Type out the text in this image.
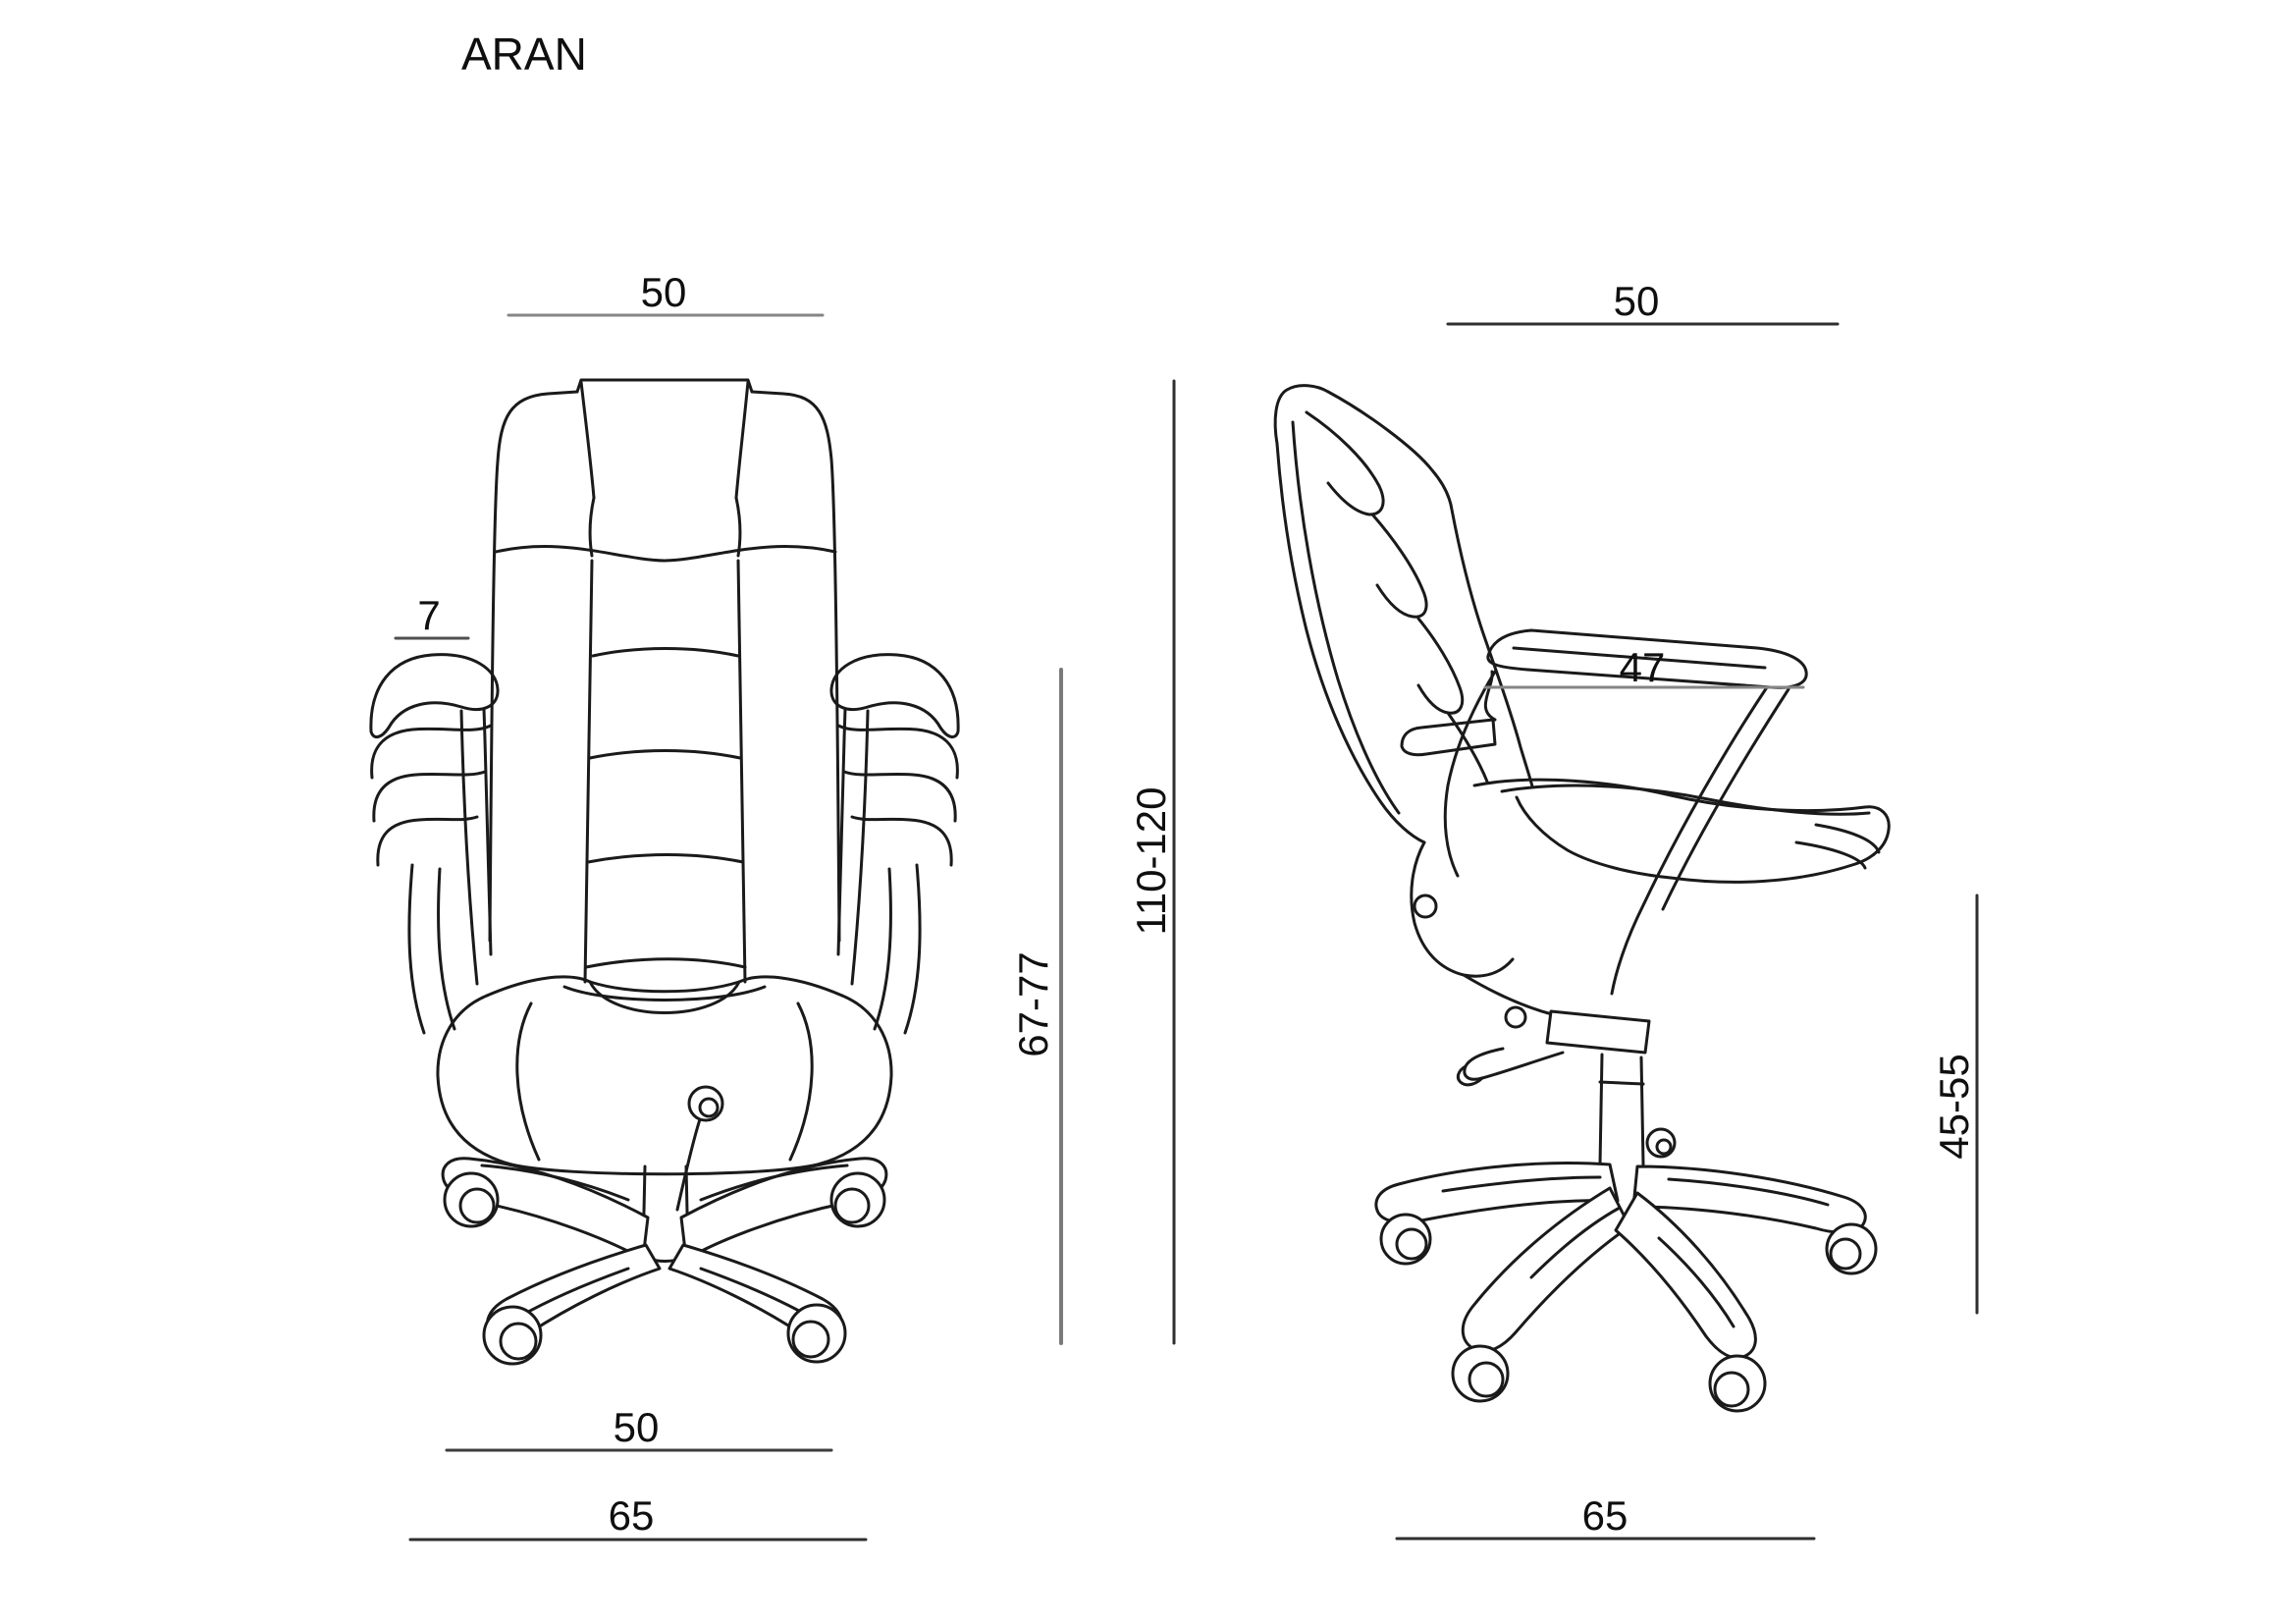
ARAN
50	50
7
47
67-77
110-120
45-55
50
65	65
